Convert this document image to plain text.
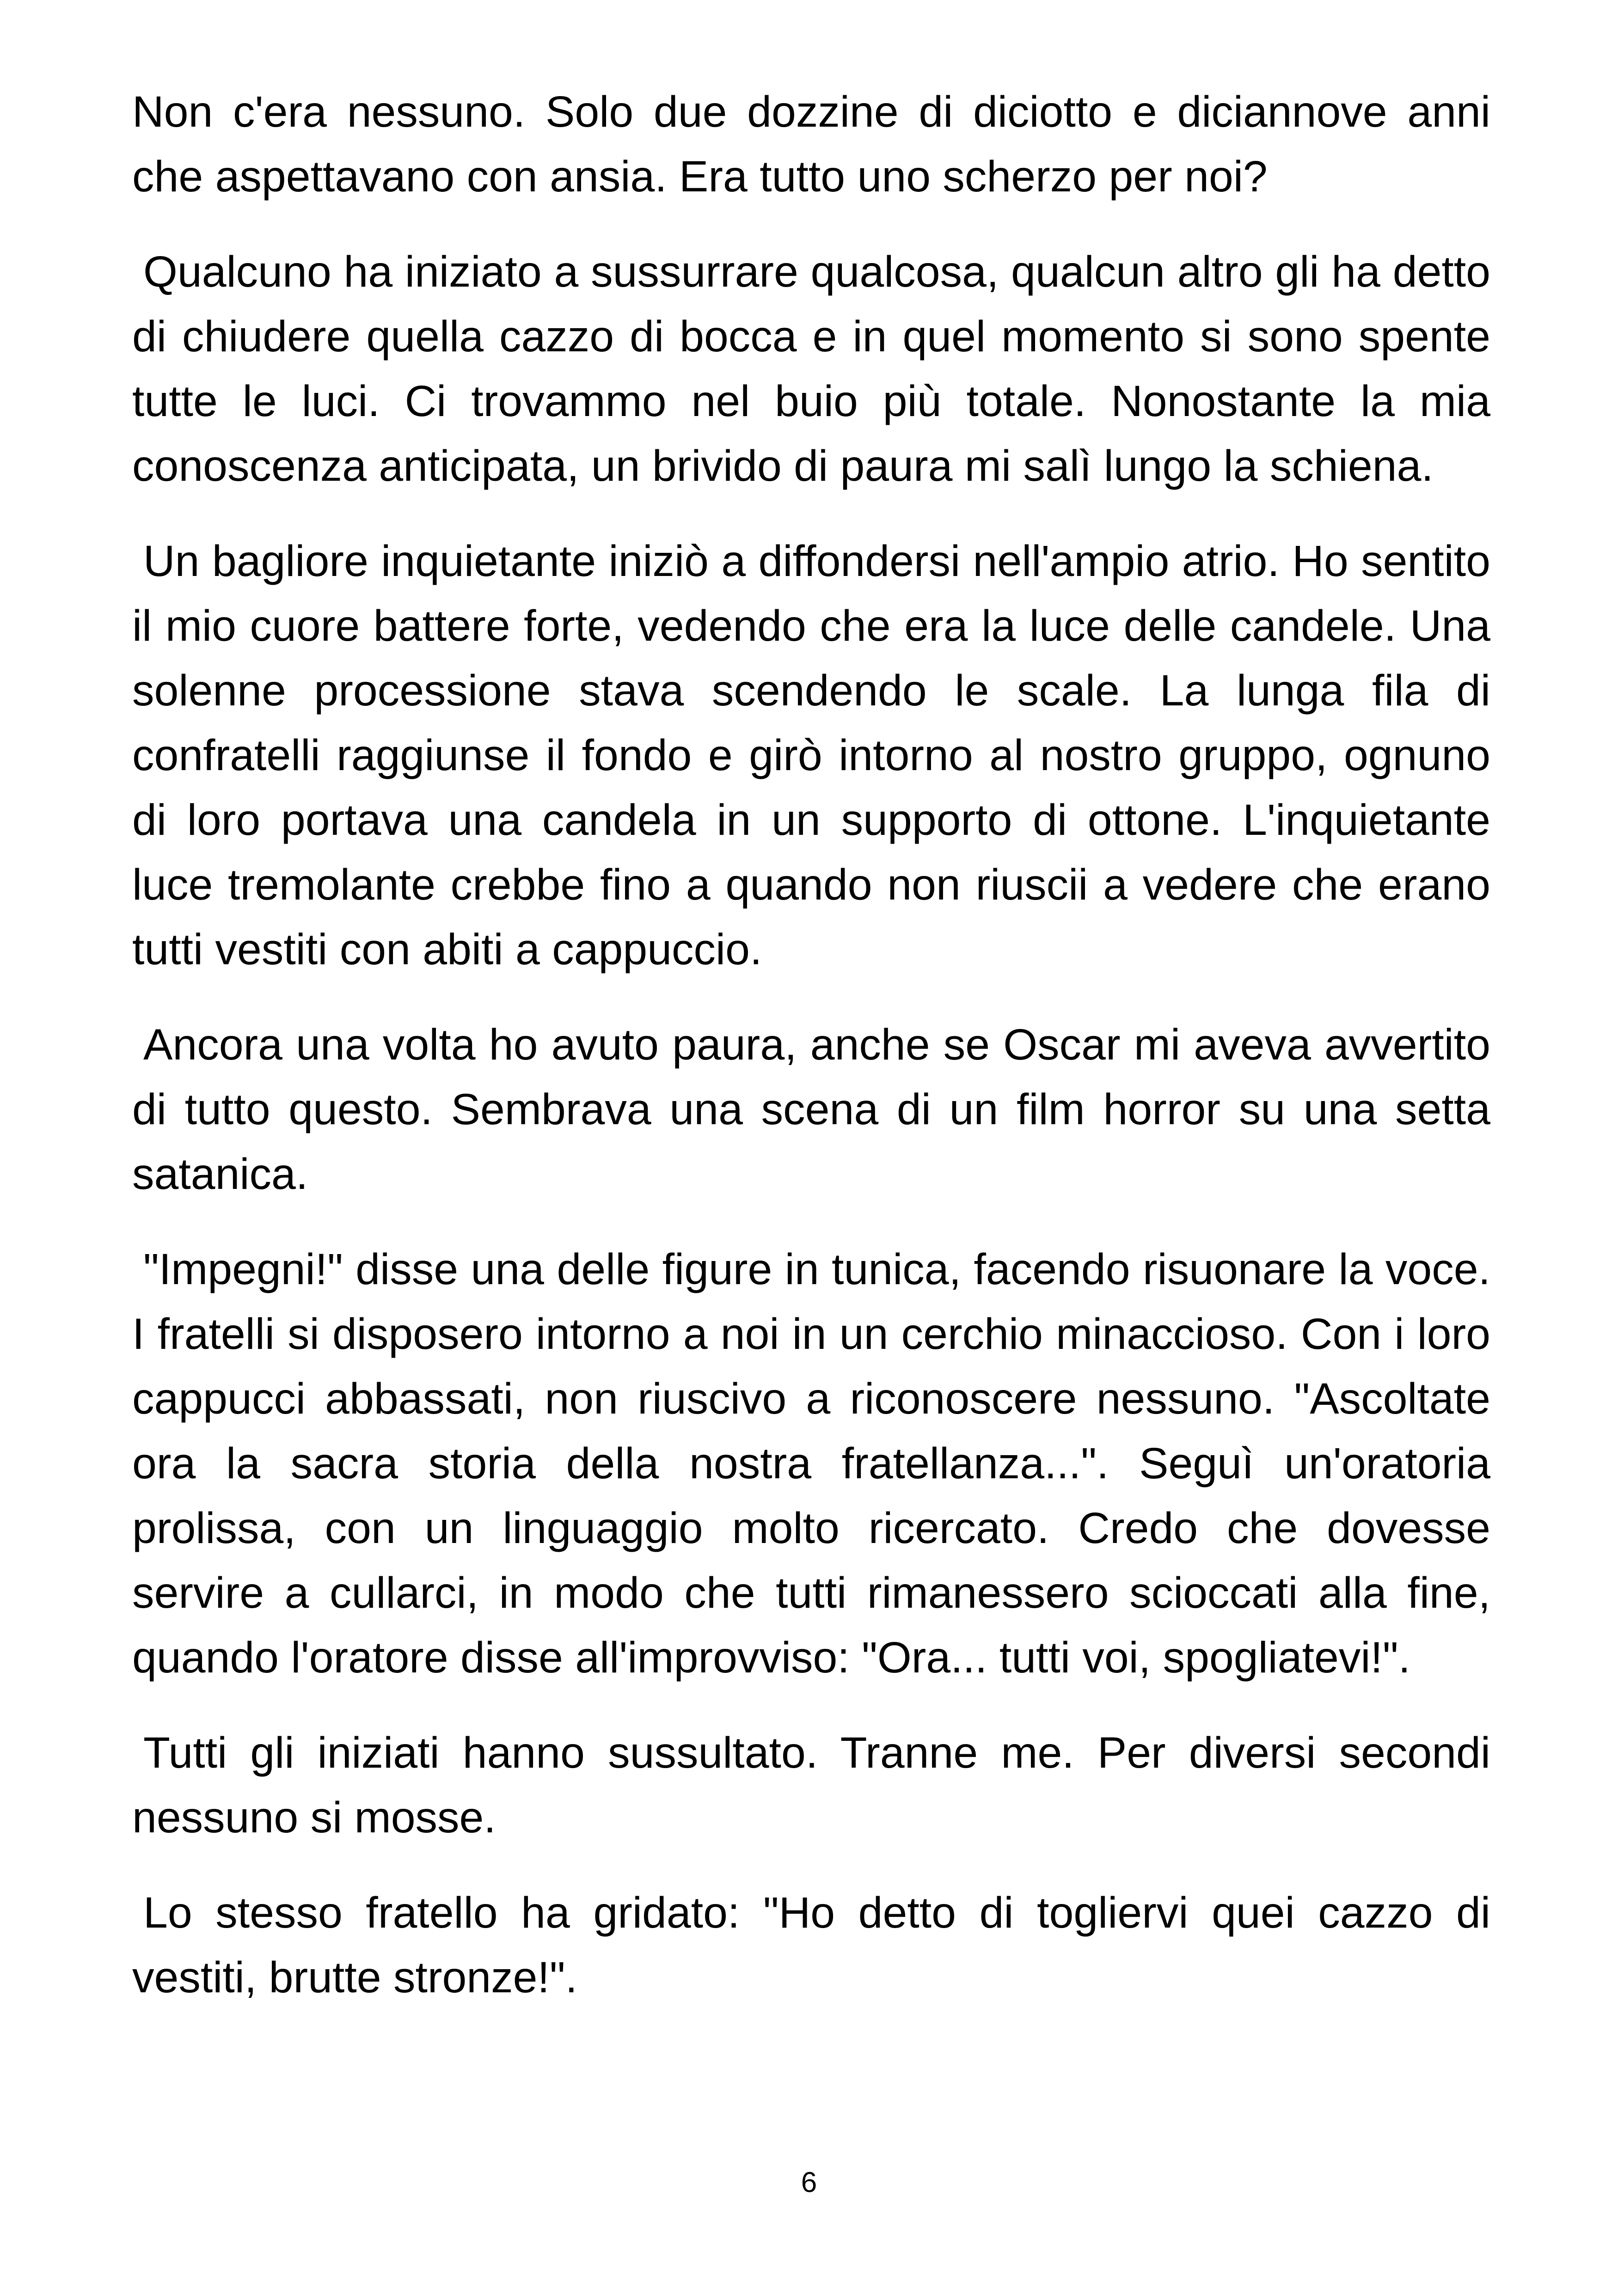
Non c'era nessuno. Solo due dozzine di diciotto e diciannove anni che aspettavano con ansia. Era tutto uno scherzo per noi?

Qualcuno ha iniziato a sussurrare qualcosa, qualcun altro gli ha detto di chiudere quella cazzo di bocca e in quel momento si sono spente tutte le luci. Ci trovammo nel buio più totale. Nonostante la mia conoscenza anticipata, un brivido di paura mi salì lungo la schiena.

Un bagliore inquietante iniziò a diffondersi nell'ampio atrio. Ho sentito il mio cuore battere forte, vedendo che era la luce delle candele. Una solenne processione stava scendendo le scale. La lunga fila di confratelli raggiunse il fondo e girò intorno al nostro gruppo, ognuno di loro portava una candela in un supporto di ottone. L'inquietante luce tremolante crebbe fino a quando non riuscii a vedere che erano tutti vestiti con abiti a cappuccio.

Ancora una volta ho avuto paura, anche se Oscar mi aveva avvertito di tutto questo. Sembrava una scena di un film horror su una setta satanica.

"Impegni!" disse una delle figure in tunica, facendo risuonare la voce. I fratelli si disposero intorno a noi in un cerchio minaccioso. Con i loro cappucci abbassati, non riuscivo a riconoscere nessuno. "Ascoltate ora la sacra storia della nostra fratellanza...". Seguì un'oratoria prolissa, con un linguaggio molto ricercato. Credo che dovesse servire a cullarci, in modo che tutti rimanessero scioccati alla fine, quando l'oratore disse all'improvviso: "Ora... tutti voi, spogliatevi!".

Tutti gli iniziati hanno sussultato. Tranne me. Per diversi secondi nessuno si mosse.

Lo stesso fratello ha gridato: "Ho detto di togliervi quei cazzo di vestiti, brutte stronze!".

6
